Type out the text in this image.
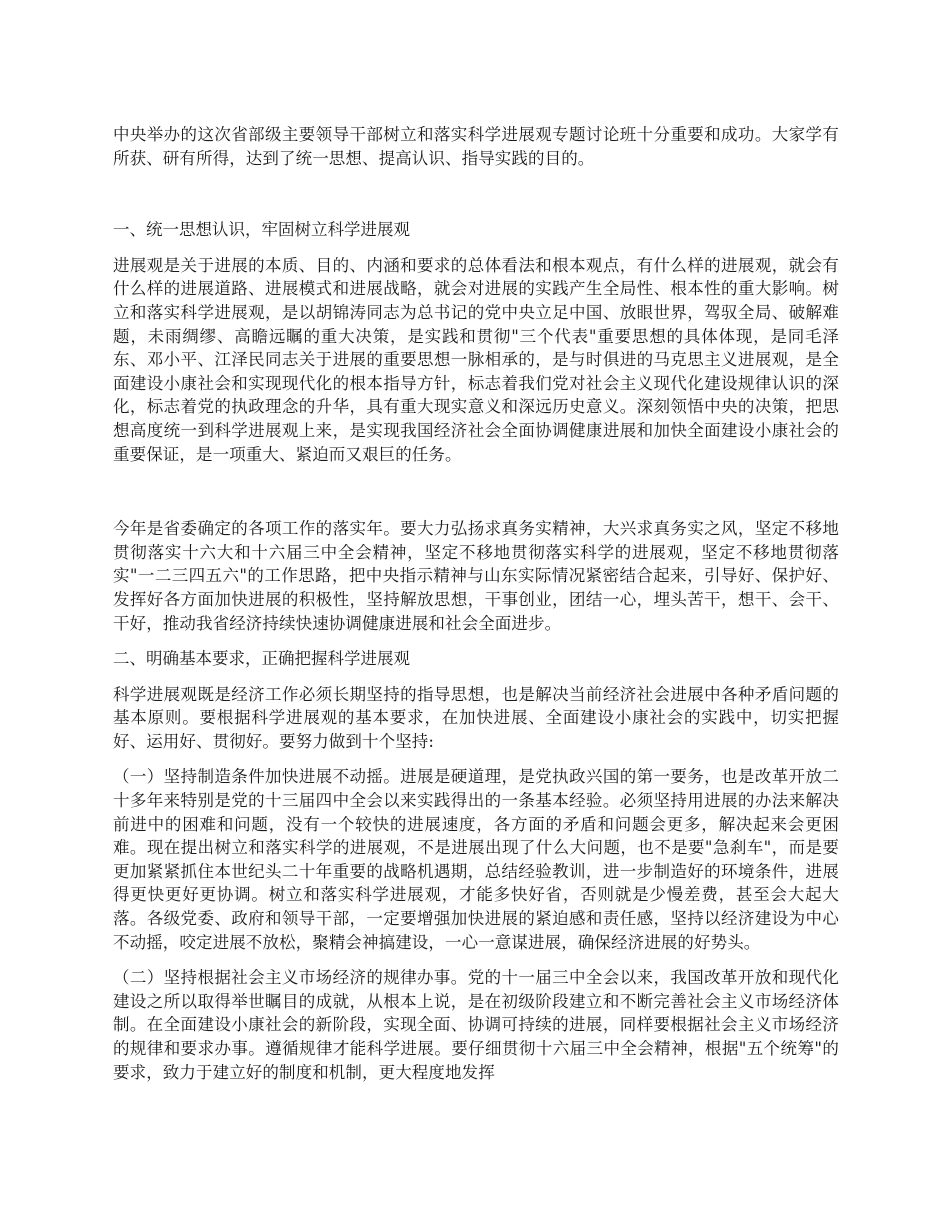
中央举办的这次省部级主要领导干部树立和落实科学进展观专题讨论班十分重要和成功。大家学有所获、研有所得，达到了统一思想、提高认识、指导实践的目的。

一、统一思想认识，牢固树立科学进展观

进展观是关于进展的本质、目的、内涵和要求的总体看法和根本观点，有什么样的进展观，就会有什么样的进展道路、进展模式和进展战略，就会对进展的实践产生全局性、根本性的重大影响。树立和落实科学进展观，是以胡锦涛同志为总书记的党中央立足中国、放眼世界，驾驭全局、破解难题，未雨绸缪、高瞻远瞩的重大决策，是实践和贯彻"三个代表"重要思想的具体体现，是同毛泽东、邓小平、江泽民同志关于进展的重要思想一脉相承的，是与时俱进的马克思主义进展观，是全面建设小康社会和实现现代化的根本指导方针，标志着我们党对社会主义现代化建设规律认识的深化，标志着党的执政理念的升华，具有重大现实意义和深远历史意义。深刻领悟中央的决策，把思想高度统一到科学进展观上来，是实现我国经济社会全面协调健康进展和加快全面建设小康社会的重要保证，是一项重大、紧迫而又艰巨的任务。

今年是省委确定的各项工作的落实年。要大力弘扬求真务实精神，大兴求真务实之风，坚定不移地贯彻落实十六大和十六届三中全会精神，坚定不移地贯彻落实科学的进展观，坚定不移地贯彻落实"一二三四五六"的工作思路，把中央指示精神与山东实际情况紧密结合起来，引导好、保护好、发挥好各方面加快进展的积极性，坚持解放思想，干事创业，团结一心，埋头苦干，想干、会干、干好，推动我省经济持续快速协调健康进展和社会全面进步。

二、明确基本要求，正确把握科学进展观

科学进展观既是经济工作必须长期坚持的指导思想，也是解决当前经济社会进展中各种矛盾问题的基本原则。要根据科学进展观的基本要求，在加快进展、全面建设小康社会的实践中，切实把握好、运用好、贯彻好。要努力做到十个坚持:

（一）坚持制造条件加快进展不动摇。进展是硬道理，是党执政兴国的第一要务，也是改革开放二十多年来特别是党的十三届四中全会以来实践得出的一条基本经验。必须坚持用进展的办法来解决前进中的困难和问题，没有一个较快的进展速度，各方面的矛盾和问题会更多，解决起来会更困难。现在提出树立和落实科学的进展观，不是进展出现了什么大问题，也不是要"急刹车"，而是要更加紧紧抓住本世纪头二十年重要的战略机遇期，总结经验教训，进一步制造好的环境条件，进展得更快更好更协调。树立和落实科学进展观，才能多快好省，否则就是少慢差费，甚至会大起大落。各级党委、政府和领导干部，一定要增强加快进展的紧迫感和责任感，坚持以经济建设为中心不动摇，咬定进展不放松，聚精会神搞建设，一心一意谋进展，确保经济进展的好势头。

（二）坚持根据社会主义市场经济的规律办事。党的十一届三中全会以来，我国改革开放和现代化建设之所以取得举世瞩目的成就，从根本上说，是在初级阶段建立和不断完善社会主义市场经济体制。在全面建设小康社会的新阶段，实现全面、协调可持续的进展，同样要根据社会主义市场经济的规律和要求办事。遵循规律才能科学进展。要仔细贯彻十六届三中全会精神，根据"五个统筹"的要求，致力于建立好的制度和机制，更大程度地发挥
